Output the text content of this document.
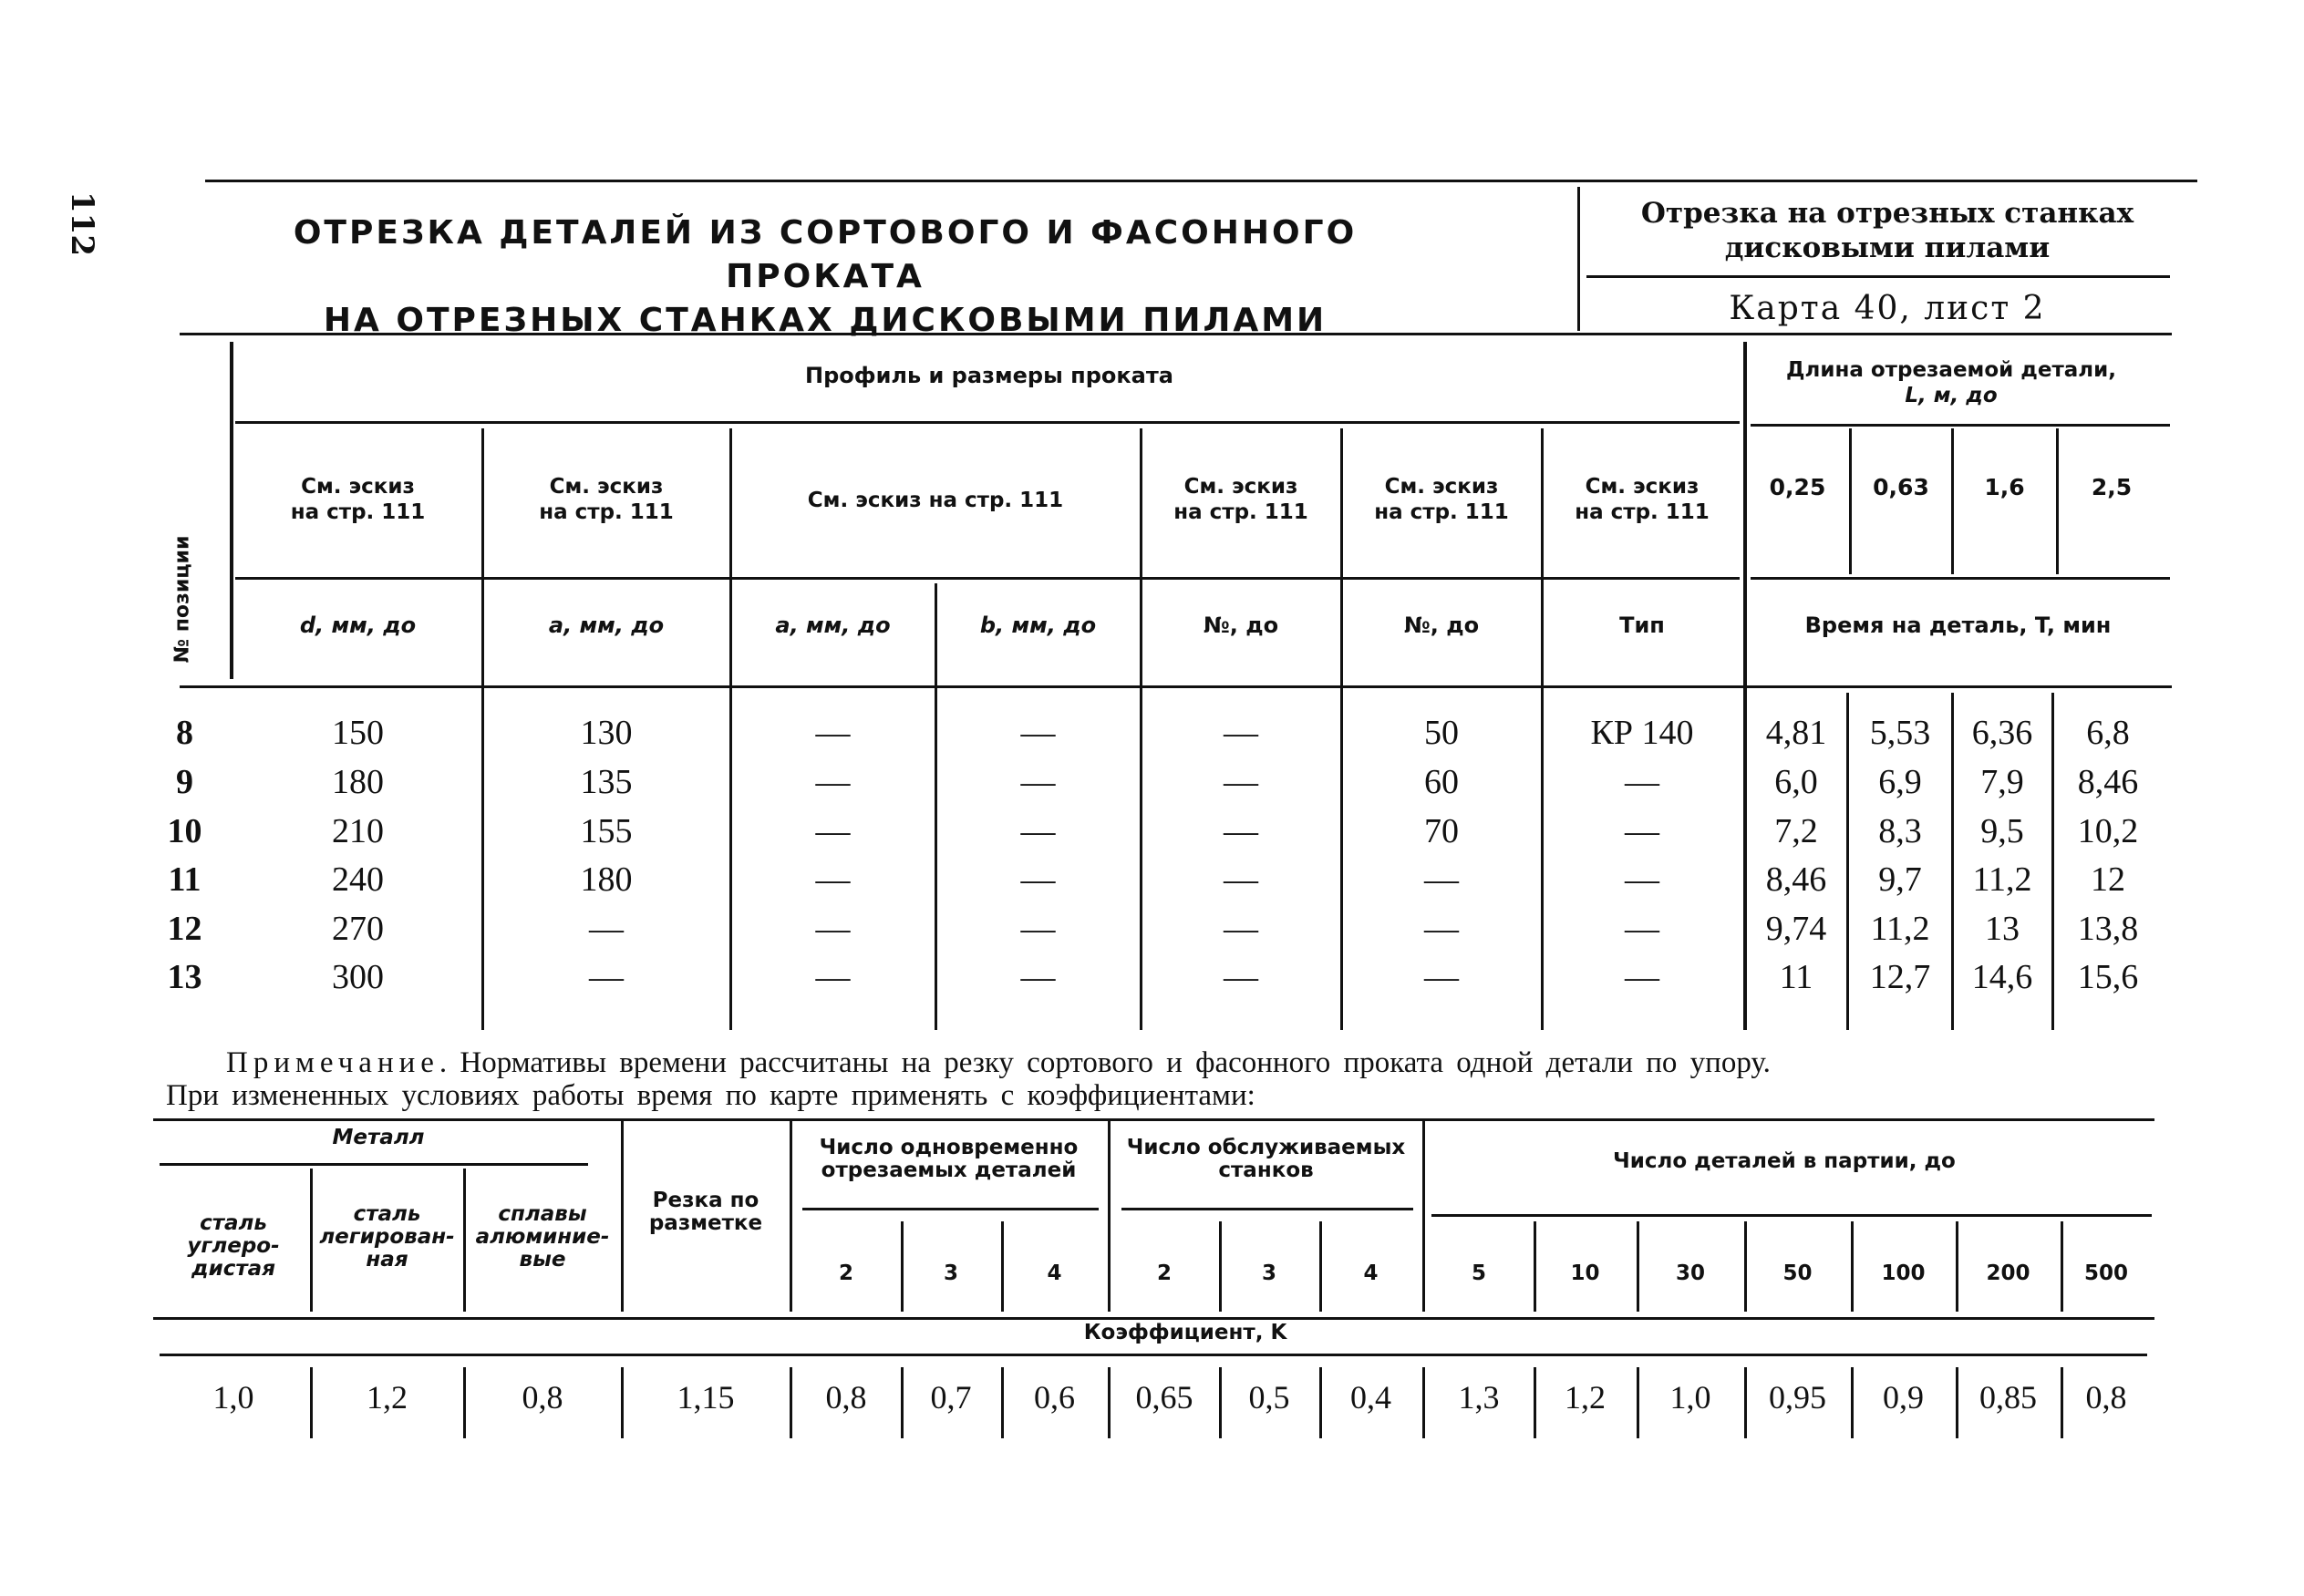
112	ОТРЕЗКА ДЕТАЛЕЙ ИЗ СОРТОВОГО И ФАСОННОГО ПРОКАТА
НА ОТРЕЗНЫХ СТАНКАХ ДИСКОВЫМИ ПИЛАМИ
Отрезка на отрезных станках
дисковыми пилами
Карта 40, лист 2
№ позиции
Профиль и размеры проката	Длина отрезаемой детали,
L, м, до
См. эскиз
на стр. 111
См. эскиз
на стр. 111	См. эскиз на стр. 111
См. эскиз
на стр. 111
См. эскиз
на стр. 111
См. эскиз
на стр. 111
0,25	0,63	1,6	2,5
d, мм, до	a, мм, до	a, мм, до	b, мм, до	№, до	№, до	Тип	Время на деталь, T, мин
8	150	130	—	—	—	50	КР 140	4,81	5,53	6,36	6,8
9	180	135	—	—	—	60	—	6,0	6,9	7,9	8,46
10	210	155	—	—	—	70	—	7,2	8,3	9,5	10,2
11	240	180	—	—	—	—	—	8,46	9,7	11,2	12
12	270	—	—	—	—	—	—	9,74	11,2	13	13,8
13	300	—	—	—	—	—	—	11	12,7	14,6	15,6
Примечание. Нормативы времени рассчитаны на резку сортового и фасонного проката одной детали по упору.
При измененных условиях работы время по карте применять с коэффициентами:
Металл
сталь
углеро-
дистая
сталь
легирован-
ная
сплавы
алюминие-
вые
Резка по
разметке
Число одновременно
отрезаемых деталей
Число обслуживаемых
станков	Число деталей в партии, до
2	3	4	2	3	4	5	10	30	50	100	200	500
Коэффициент, K
1,0	1,2	0,8	1,15	0,8	0,7	0,6	0,65	0,5	0,4	1,3	1,2	1,0	0,95	0,9	0,85	0,8
